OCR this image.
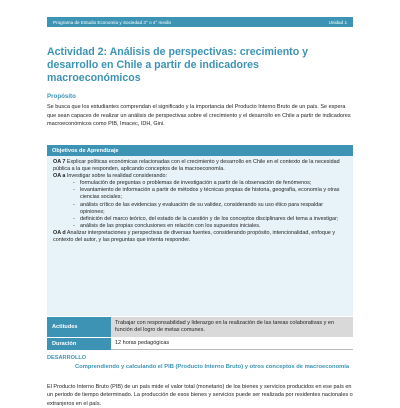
Programa de Estudio Economía y Sociedad 3° o 4° medio	Unidad 1
Actividad 2: Análisis de perspectivas: crecimiento y desarrollo en Chile a partir de indicadores macroeconómicos
Propósito
Se busca que los estudiantes comprendan el significado y la importancia del Producto Interno Bruto de un país. Se espera que sean capaces de realizar un análisis de perspectivas sobre el crecimiento y el desarrollo en Chile a partir de indicadores macroeconómicos como PIB, Imacec, IDH, Gini.
Objetivos de Aprendizaje

OA 7 Explicar políticas económicas relacionadas con el crecimiento y desarrollo en Chile en el contexto de la necesidad pública a la que responden, aplicando conceptos de la macroeconomía.

OA a Investigar sobre la realidad considerando:

- formulación de preguntas o problemas de investigación a partir de la observación de fenómenos;
- levantamiento de información a partir de métodos y técnicas propias de historia, geografía, economía y otras ciencias sociales;
- análisis crítico de las evidencias y evaluación de su validez, considerando su uso ético para respaldar opiniones;
- definición del marco teórico, del estado de la cuestión y de los conceptos disciplinares del tema a investigar;
- análisis de las propias conclusiones en relación con los supuestos iniciales.

OA d Analizar interpretaciones y perspectivas de diversas fuentes, considerando propósito, intencionalidad, enfoque y contexto del autor, y las preguntas que intenta responder.

Actitudes
Trabajar con responsabilidad y liderazgo en la realización de las tareas colaborativas y en función del logro de metas comunes.
Duración	12 horas pedagógicas
DESARROLLO
Comprendiendo y calculando el PIB (Producto Interno Bruto) y otros conceptos de macroeconomía
El Producto Interno Bruto (PIB) de un país mide el valor total (monetario) de los bienes y servicios producidos en ese país en un periodo de tiempo determinado. La producción de esos bienes y servicios puede ser realizada por residentes nacionales o extranjeros en el país.
